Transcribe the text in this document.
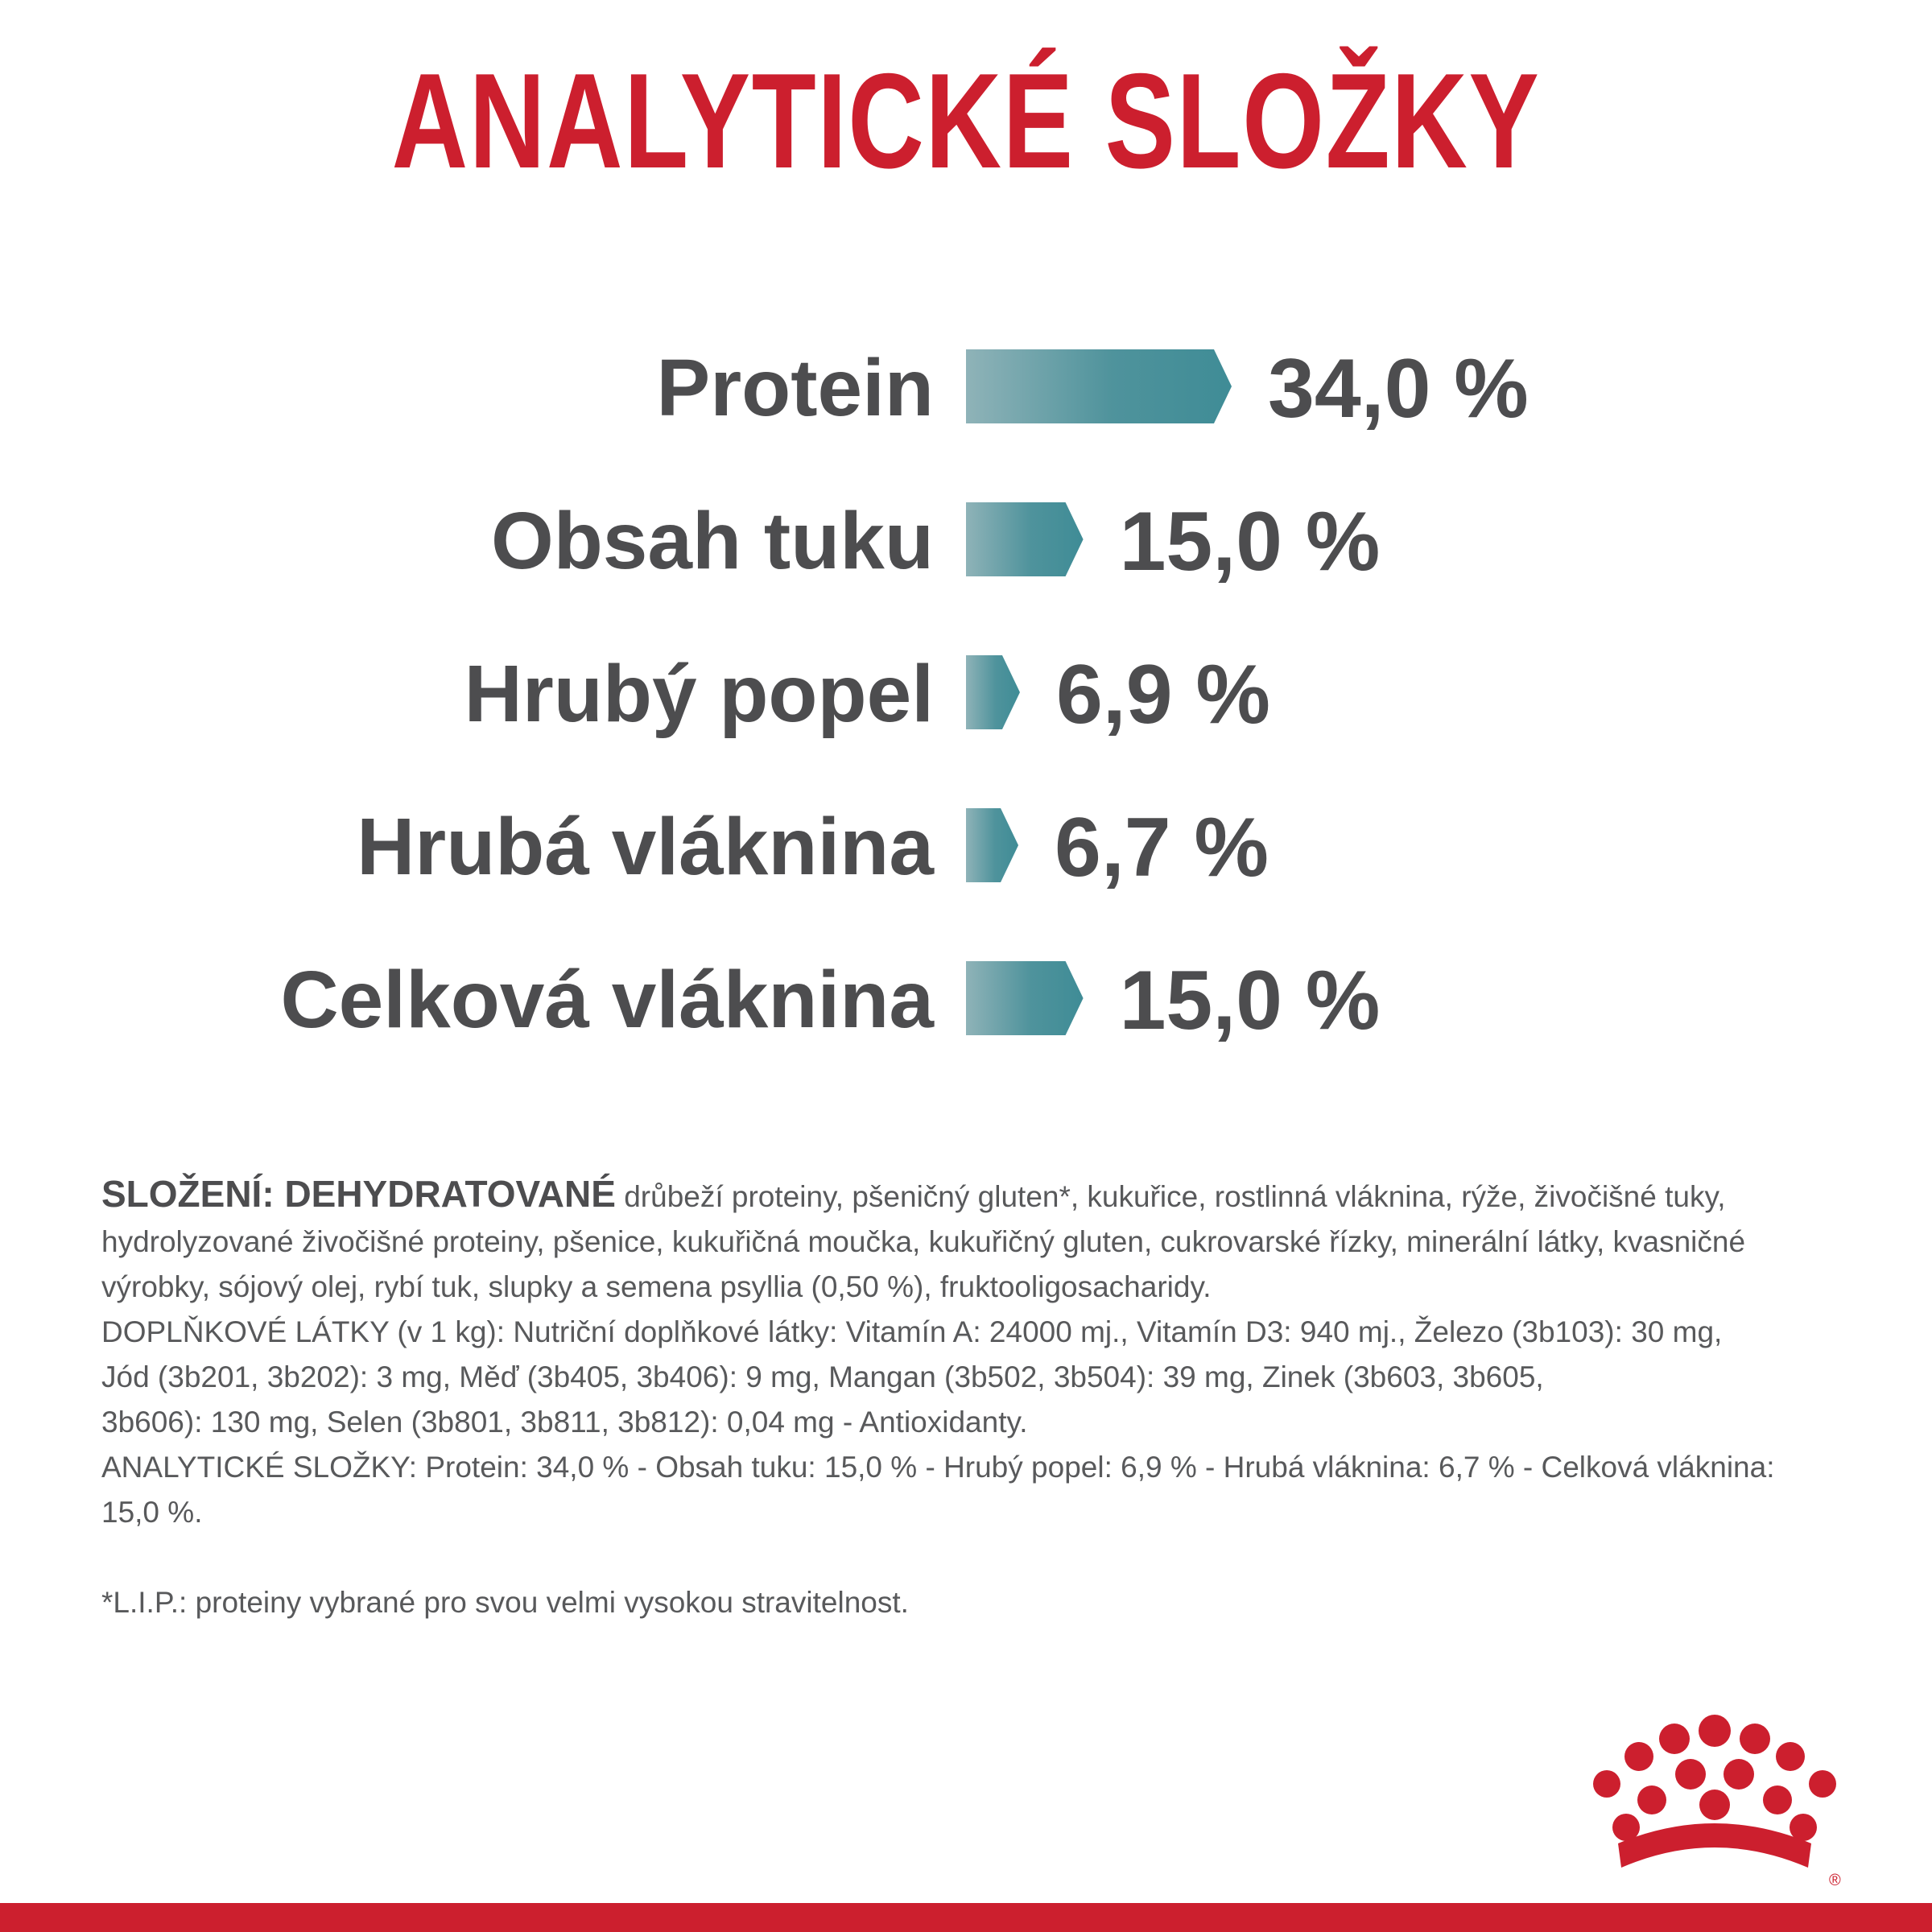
ANALYTICKÉ SLOŽKY
Protein	34,0 %
Obsah tuku 15,0 %
Hrubý popel 6,9 %
Hrubá vláknina 6,7 %
Celková vláknina 15,0 %

SLOŽENÍ: DEHYDRATOVANÉ drůbeží proteiny, pšeničný gluten*, kukuřice, rostlinná vláknina, rýže, živočišné tuky, hydrolyzované živočišné proteiny, pšenice, kukuřičná moučka, kukuřičný gluten, cukrovarské řízky, minerální látky, kvasničné výrobky, sójový olej, rybí tuk, slupky a semena psyllia (0,50 %), fruktooligosacharidy.

DOPLŇKOVÉ LÁTKY (v 1 kg): Nutriční doplňkové látky: Vitamín A: 24000 mj., Vitamín D3: 940 mj., Železo (3b103): 30 mg,

Jód (3b201, 3b202): 3 mg, Měď (3b405, 3b406): 9 mg, Mangan (3b502, 3b504): 39 mg, Zinek (3b603, 3b605,

3b606): 130 mg, Selen (3b801, 3b811, 3b812): 0,04 mg - Antioxidanty.

ANALYTICKÉ SLOŽKY: Protein: 34,0 % - Obsah tuku: 15,0 % - Hrubý popel: 6,9 % - Hrubá vláknina: 6,7 % - Celková vláknina: 15,0 %.

*L.I.P.: proteiny vybrané pro svou velmi vysokou stravitelnost.

®
